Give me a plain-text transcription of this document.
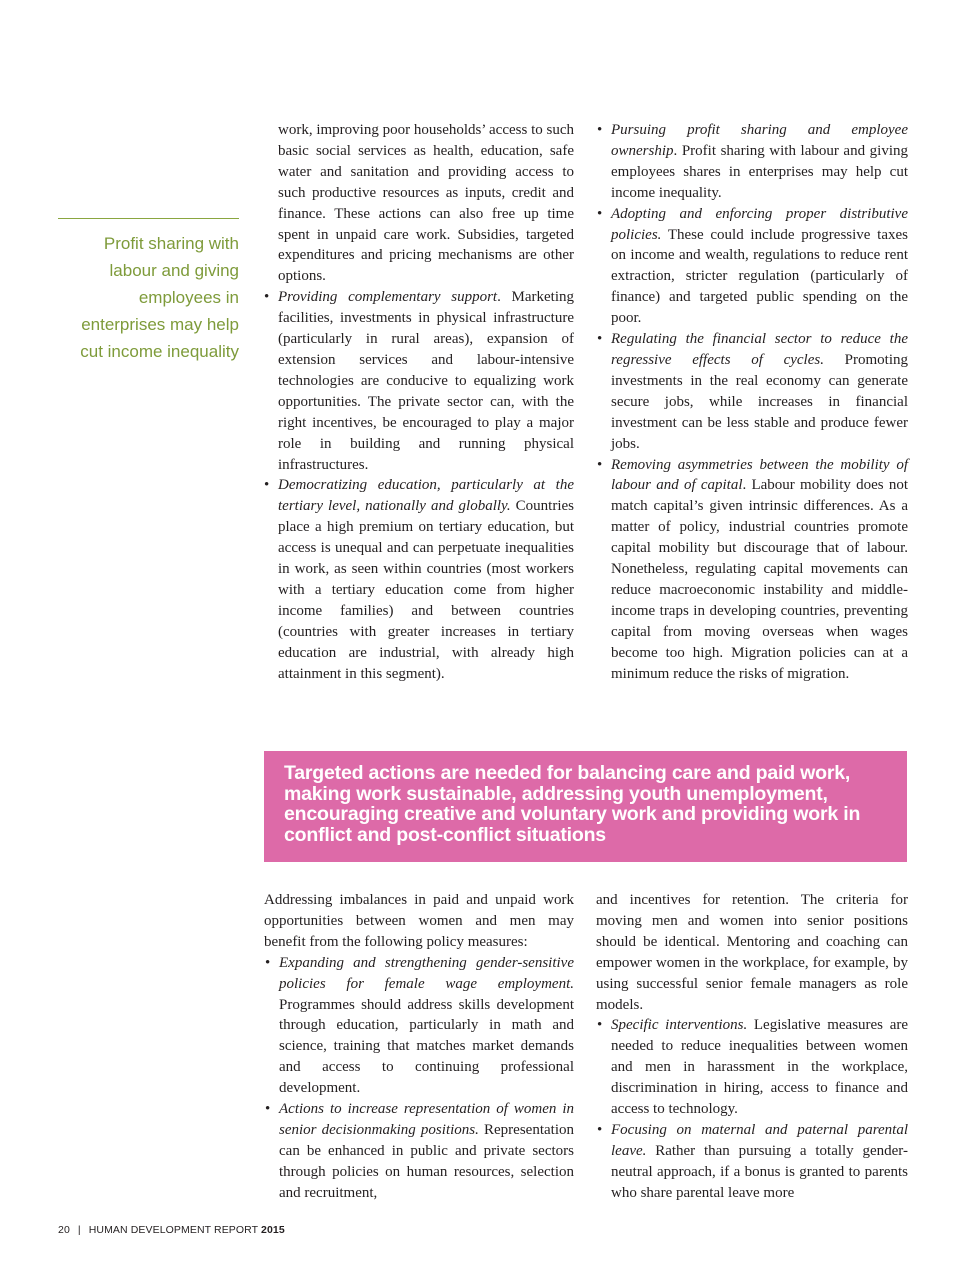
Profit sharing with labour and giving employees in enterprises may help cut income inequality

work, improving poor households’ access to such basic social services as health, education, safe water and sanitation and providing access to such productive resources as inputs, credit and finance. These actions can also free up time spent in unpaid care work. Subsidies, targeted expenditures and pricing mechanisms are other options.

• Providing complementary support. Marketing facilities, investments in physical infrastructure (particularly in rural areas), expansion of extension services and labour-intensive technologies are conducive to equalizing work opportunities. The private sector can, with the right incentives, be encouraged to play a major role in building and running physical infrastructures.
• Democratizing education, particularly at the tertiary level, nationally and globally. Countries place a high premium on tertiary education, but access is unequal and can perpetuate inequalities in work, as seen within countries (most workers with a tertiary education come from higher income families) and between countries (countries with greater increases in tertiary education are industrial, with already high attainment in this segment).
• Pursuing profit sharing and employee ownership. Profit sharing with labour and giving employees shares in enterprises may help cut income inequality.
• Adopting and enforcing proper distributive policies. These could include progressive taxes on income and wealth, regulations to reduce rent extraction, stricter regulation (particularly of finance) and targeted public spending on the poor.
• Regulating the financial sector to reduce the regressive effects of cycles. Promoting investments in the real economy can generate secure jobs, while increases in financial investment can be less stable and produce fewer jobs.
• Removing asymmetries between the mobility of labour and of capital. Labour mobility does not match capital’s given intrinsic differences. As a matter of policy, industrial countries promote capital mobility but discourage that of labour. Nonetheless, regulating capital movements can reduce macroeconomic instability and middle-income traps in developing countries, preventing capital from moving overseas when wages become too high. Migration policies can at a minimum reduce the risks of migration.
Targeted actions are needed for balancing care and paid work, making work sustainable, addressing youth unemployment, encouraging creative and voluntary work and providing work in conflict and post-conflict situations

Addressing imbalances in paid and unpaid work opportunities between women and men may benefit from the following policy measures:

• Expanding and strengthening gender-sensitive policies for female wage employment. Programmes should address skills development through education, particularly in math and science, training that matches market demands and access to continuing professional development.
• Actions to increase representation of women in senior decisionmaking positions. Representation can be enhanced in public and private sectors through policies on human resources, selection and recruitment,

and incentives for retention. The criteria for moving men and women into senior positions should be identical. Mentoring and coaching can empower women in the workplace, for example, by using successful senior female managers as role models.

• Specific interventions. Legislative measures are needed to reduce inequalities between women and men in harassment in the workplace, discrimination in hiring, access to finance and access to technology.
• Focusing on maternal and paternal parental leave. Rather than pursuing a totally gender-neutral approach, if a bonus is granted to parents who share parental leave more
20 | HUMAN DEVELOPMENT REPORT 2015
